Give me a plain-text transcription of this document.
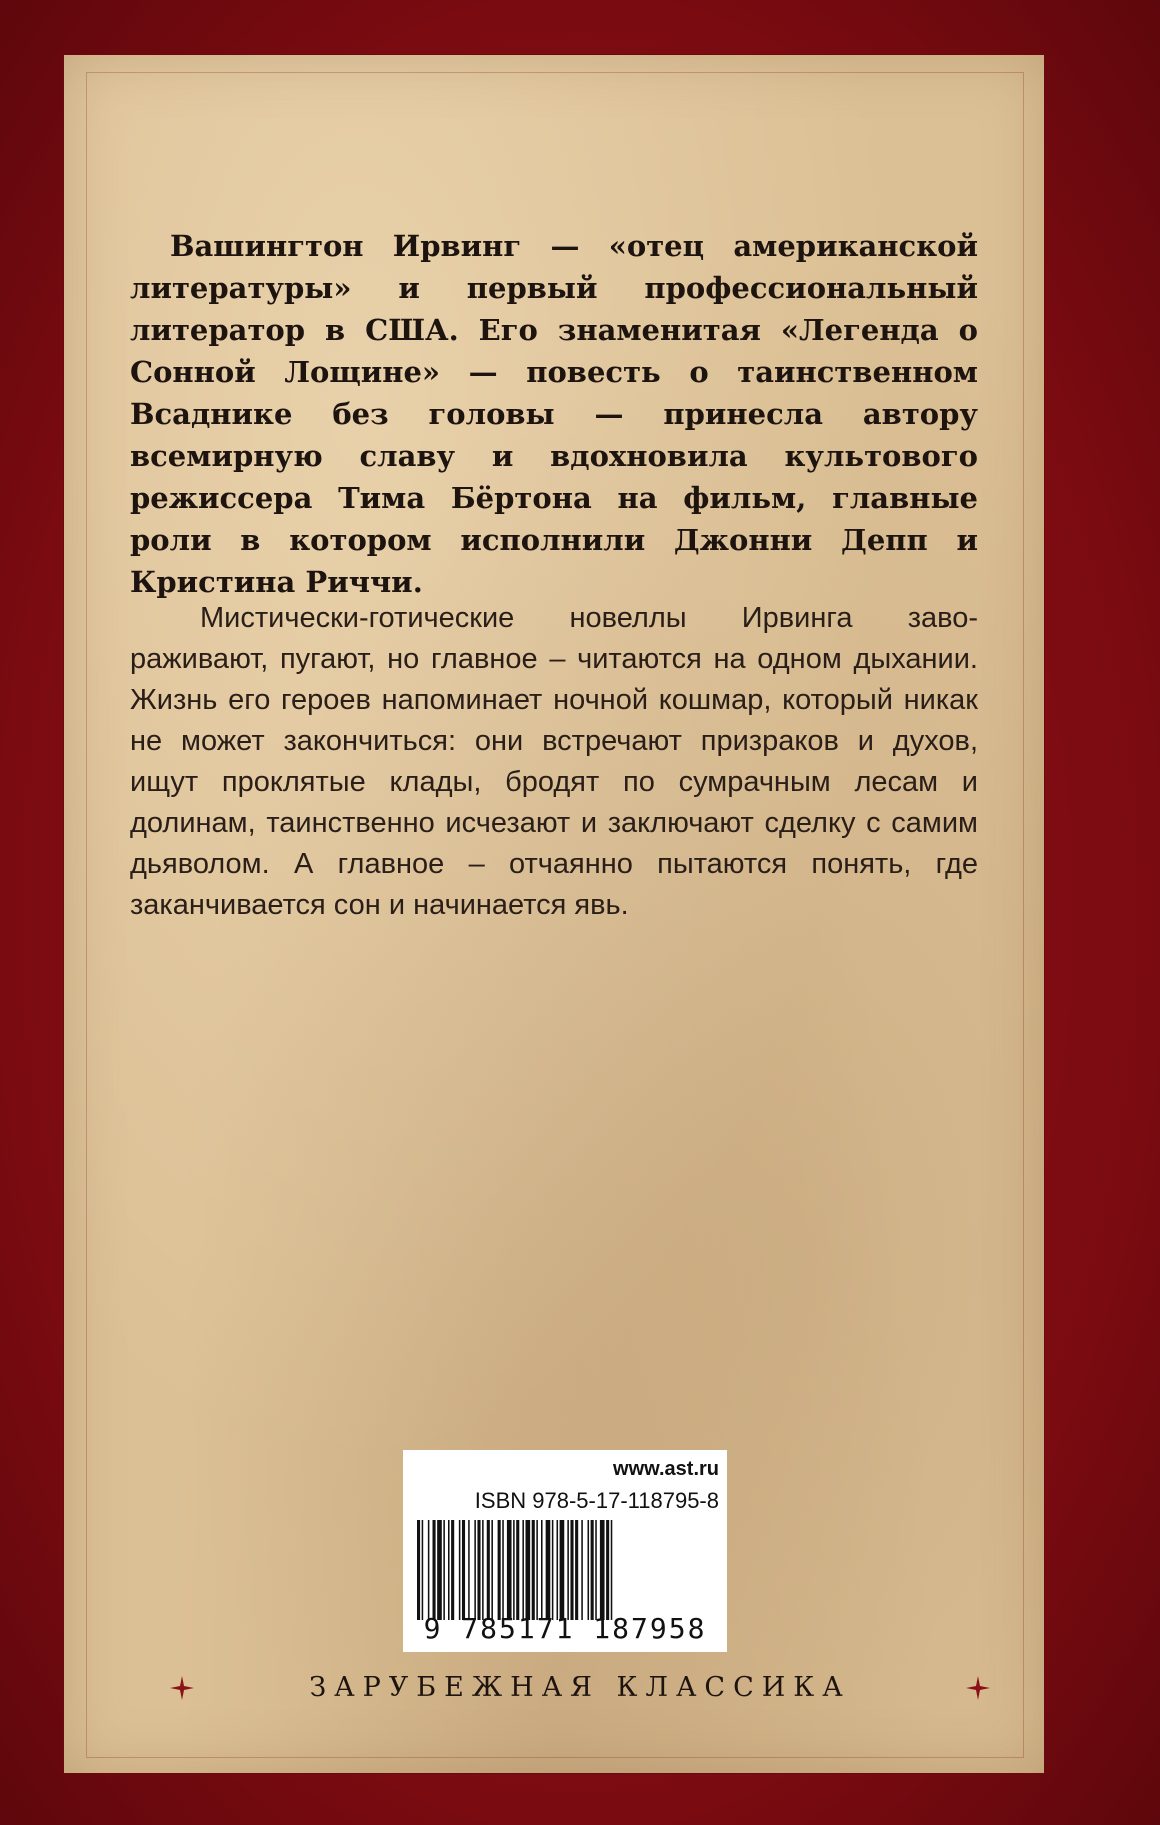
Вашингтон Ирвинг — «отец американской литературы» и первый профессиональный литератор в США. Его знаменитая «Легенда о Сонной Лощине» — повесть о таинственном Всаднике без головы — принесла автору всемирную славу и вдохновила культового режиссера Тима Бёртона на фильм, главные роли в котором исполнили Джонни Депп и Кристина Риччи.

Мистически-готические новеллы Ирвинга заво- раживают, пугают, но главное – читаются на одном дыхании. Жизнь его героев напоминает ночной кошмар, который никак не может закончиться: они встречают призраков и духов, ищут проклятые клады, бродят по сумрачным лесам и долинам, таинственно исчезают и заключают сделку с самим дьяволом. А главное – отчаянно пытаются понять, где заканчивается сон и начинается явь.

www.ast.ru
ISBN 978-5-17-118795-8
9 785171 187958
ЗАРУБЕЖНАЯ КЛАССИКА
